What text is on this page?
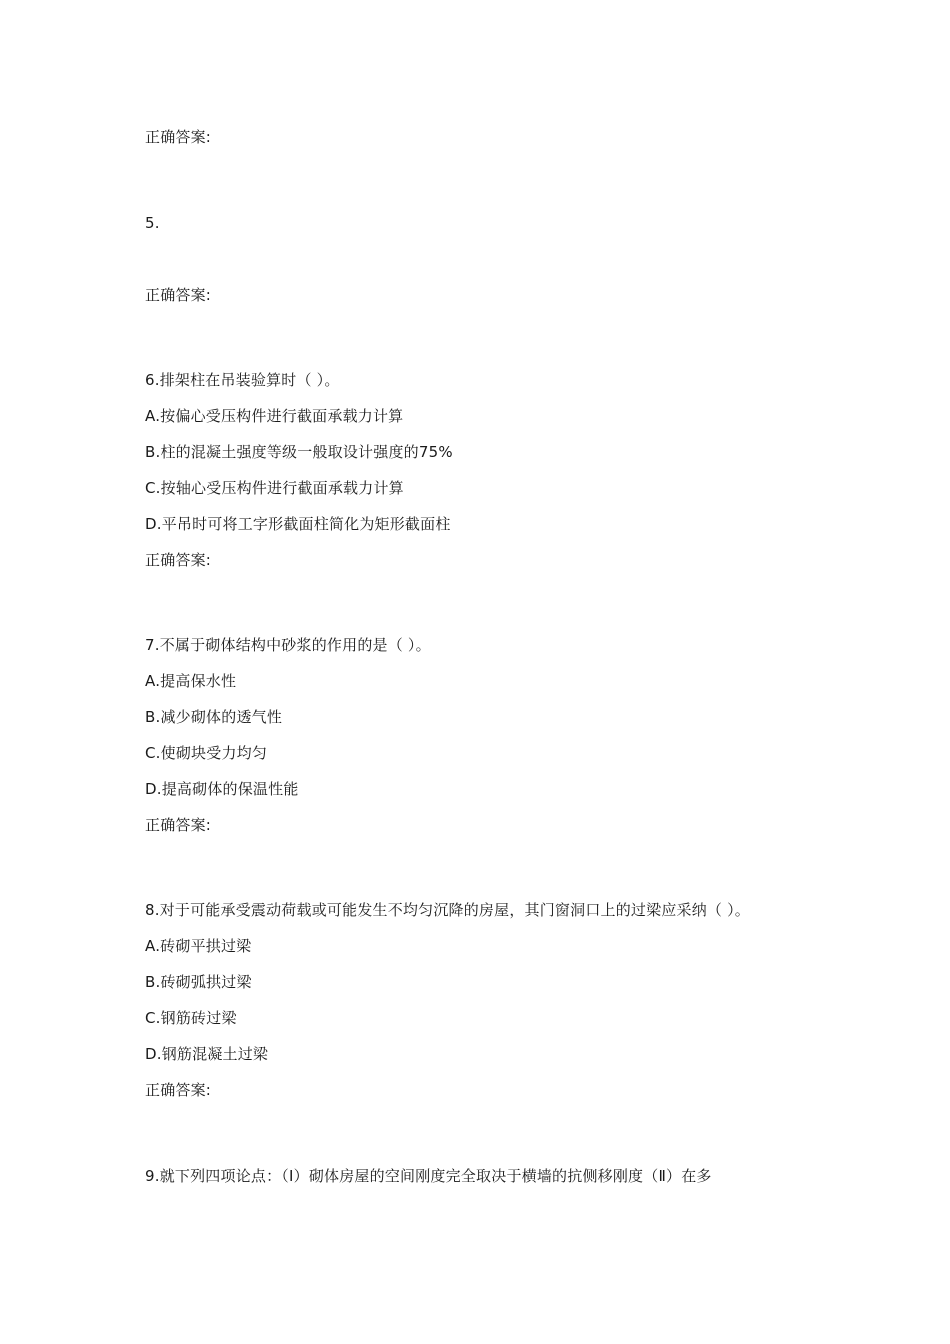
正确答案:
5.
正确答案:
6.排架柱在吊装验算时（ ）。
A.按偏心受压构件进行截面承载力计算
B.柱的混凝土强度等级一般取设计强度的75%
C.按轴心受压构件进行截面承载力计算
D.平吊时可将工字形截面柱简化为矩形截面柱
正确答案:
7.不属于砌体结构中砂浆的作用的是（ ）。
A.提高保水性
B.减少砌体的透气性
C.使砌块受力均匀
D.提高砌体的保温性能
正确答案:
8.对于可能承受震动荷载或可能发生不均匀沉降的房屋，其门窗洞口上的过梁应采纳（ ）。
A.砖砌平拱过梁
B.砖砌弧拱过梁
C.钢筋砖过梁
D.钢筋混凝土过梁
正确答案:
9.就下列四项论点：（Ⅰ）砌体房屋的空间刚度完全取决于横墙的抗侧移刚度（Ⅱ）在多
